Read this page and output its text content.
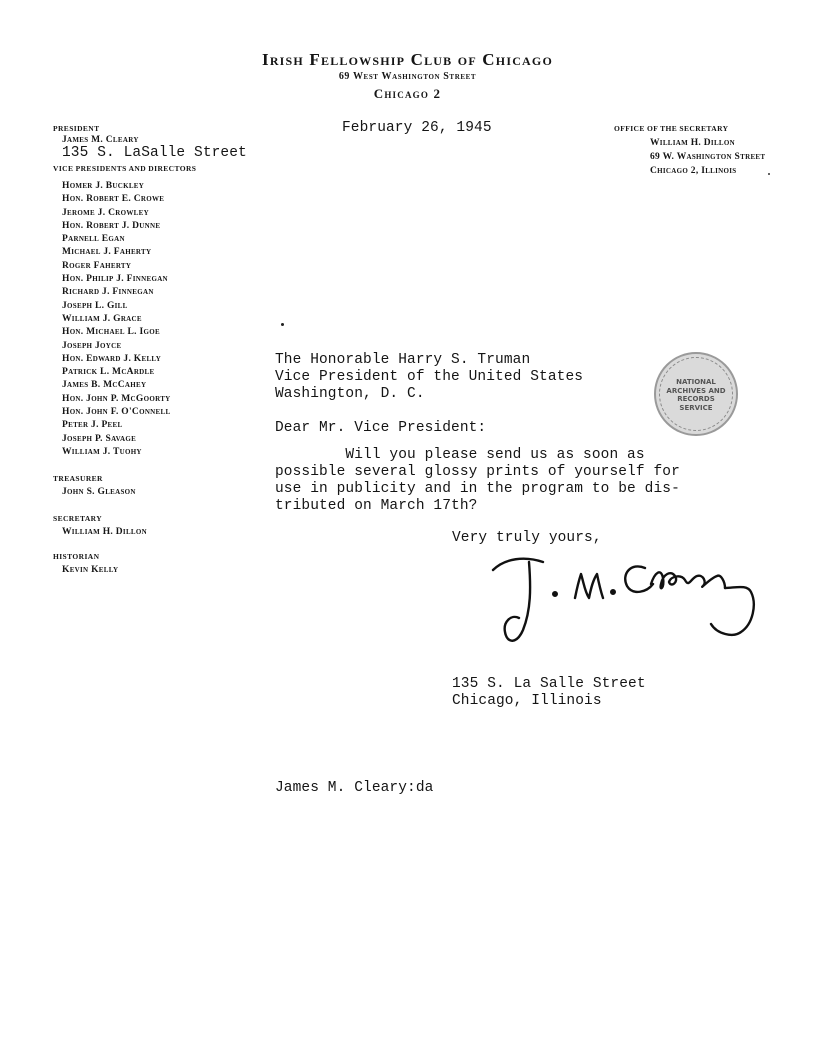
Irish Fellowship Club of Chicago
69 West Washington Street
Chicago 2
PRESIDENT
James M. Cleary
135 S. LaSalle Street
VICE PRESIDENTS AND DIRECTORS
Homer J. Buckley
Hon. Robert E. Crowe
Jerome J. Crowley
Hon. Robert J. Dunne
Parnell Egan
Michael J. Faherty
Roger Faherty
Hon. Philip J. Finnegan
Richard J. Finnegan
Joseph L. Gill
William J. Grace
Hon. Michael L. Igoe
Joseph Joyce
Hon. Edward J. Kelly
Patrick L. McArdle
James B. McCahey
Hon. John P. McGoorty
Hon. John F. O'Connell
Peter J. Peel
Joseph P. Savage
William J. Tuohy
TREASURER
John S. Gleason
SECRETARY
William H. Dillon
HISTORIAN
Kevin Kelly
OFFICE OF THE SECRETARY
William H. Dillon
69 W. Washington Street
Chicago 2, Illinois
February 26, 1945
The Honorable Harry S. Truman
Vice President of the United States
Washington, D. C.
Dear Mr. Vice President:
Will you please send us as soon as
possible several glossy prints of yourself for
use in publicity and in the program to be dis-
tributed on March 17th?
Very truly yours,
135 S. La Salle Street
Chicago, Illinois
James M. Cleary:da
NATIONAL
ARCHIVES AND
RECORDS
SERVICE
